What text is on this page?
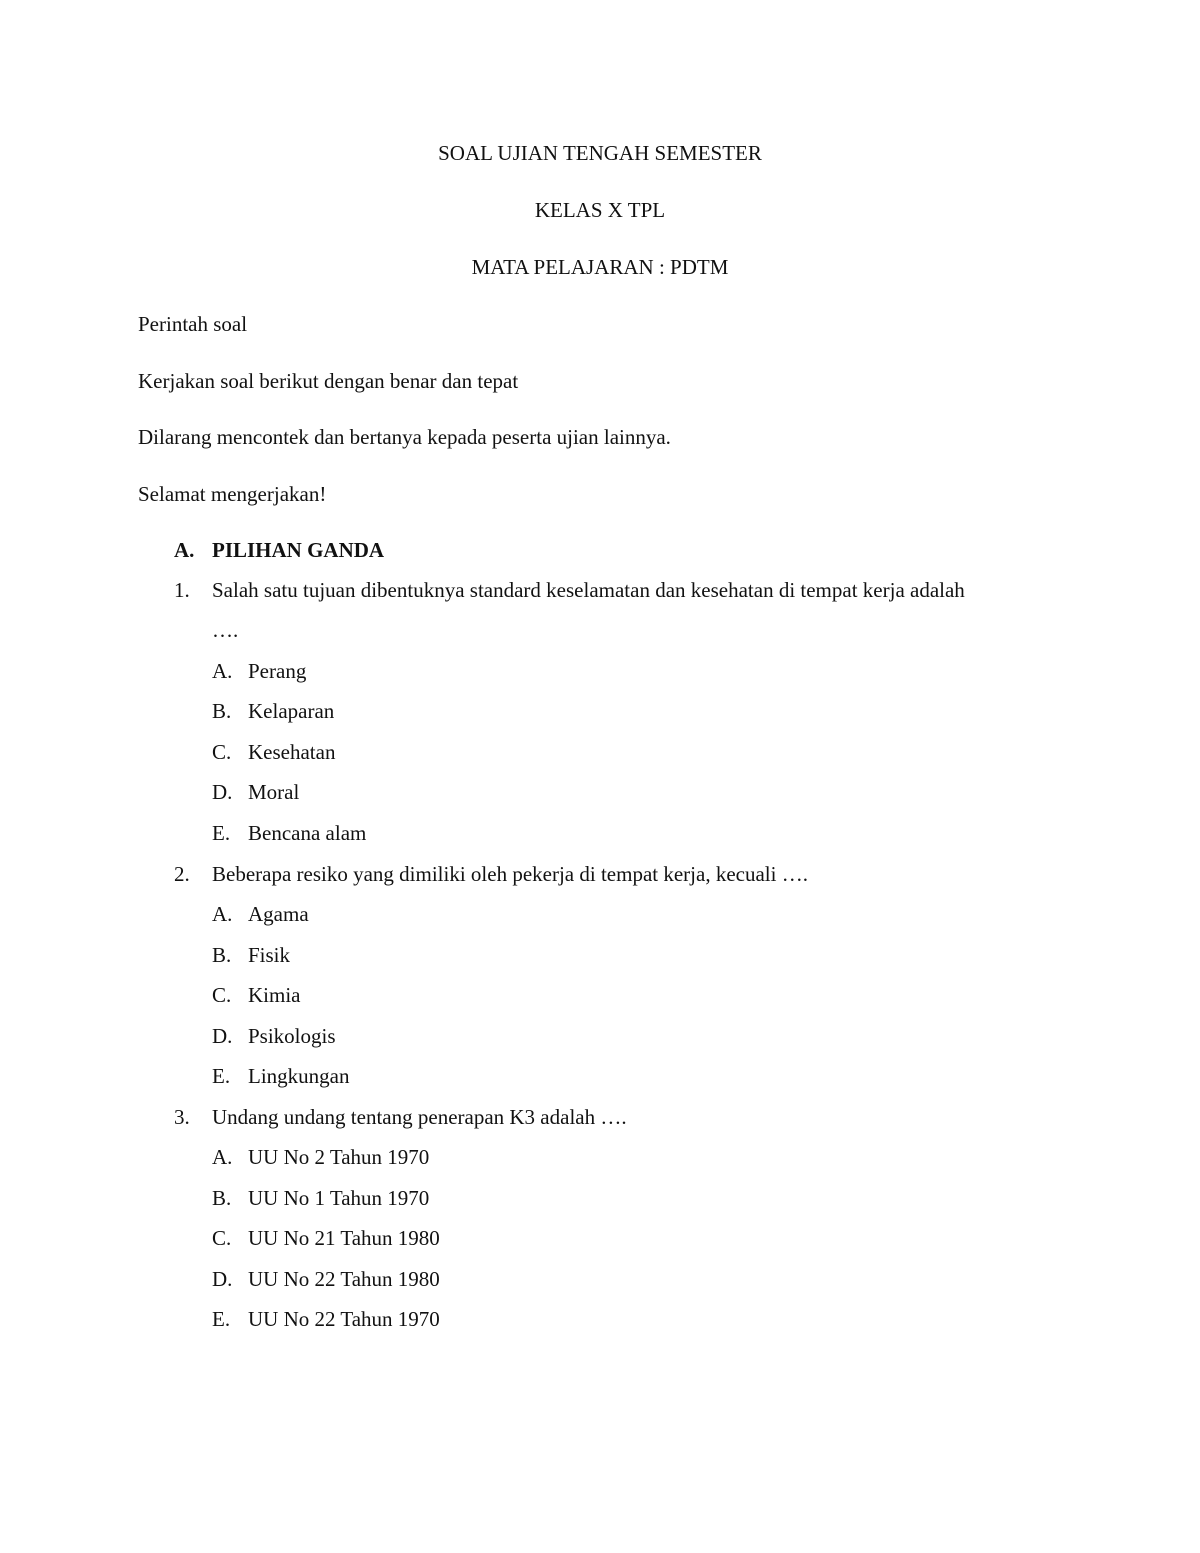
SOAL UJIAN TENGAH SEMESTER
KELAS X TPL
MATA PELAJARAN : PDTM
Perintah soal
Kerjakan soal berikut dengan benar dan tepat
Dilarang mencontek dan bertanya kepada peserta ujian lainnya.
Selamat mengerjakan!
A. PILIHAN GANDA
1. Salah satu tujuan dibentuknya standard keselamatan dan kesehatan di tempat kerja adalah
….
A. Perang
B. Kelaparan
C. Kesehatan
D. Moral
E. Bencana alam
2. Beberapa resiko yang dimiliki oleh pekerja di tempat kerja, kecuali ….
A. Agama
B. Fisik
C. Kimia
D. Psikologis
E. Lingkungan
3. Undang undang tentang penerapan K3 adalah ….
A. UU No 2 Tahun 1970
B. UU No 1 Tahun 1970
C. UU No 21 Tahun 1980
D. UU No 22 Tahun 1980
E. UU No 22 Tahun 1970
